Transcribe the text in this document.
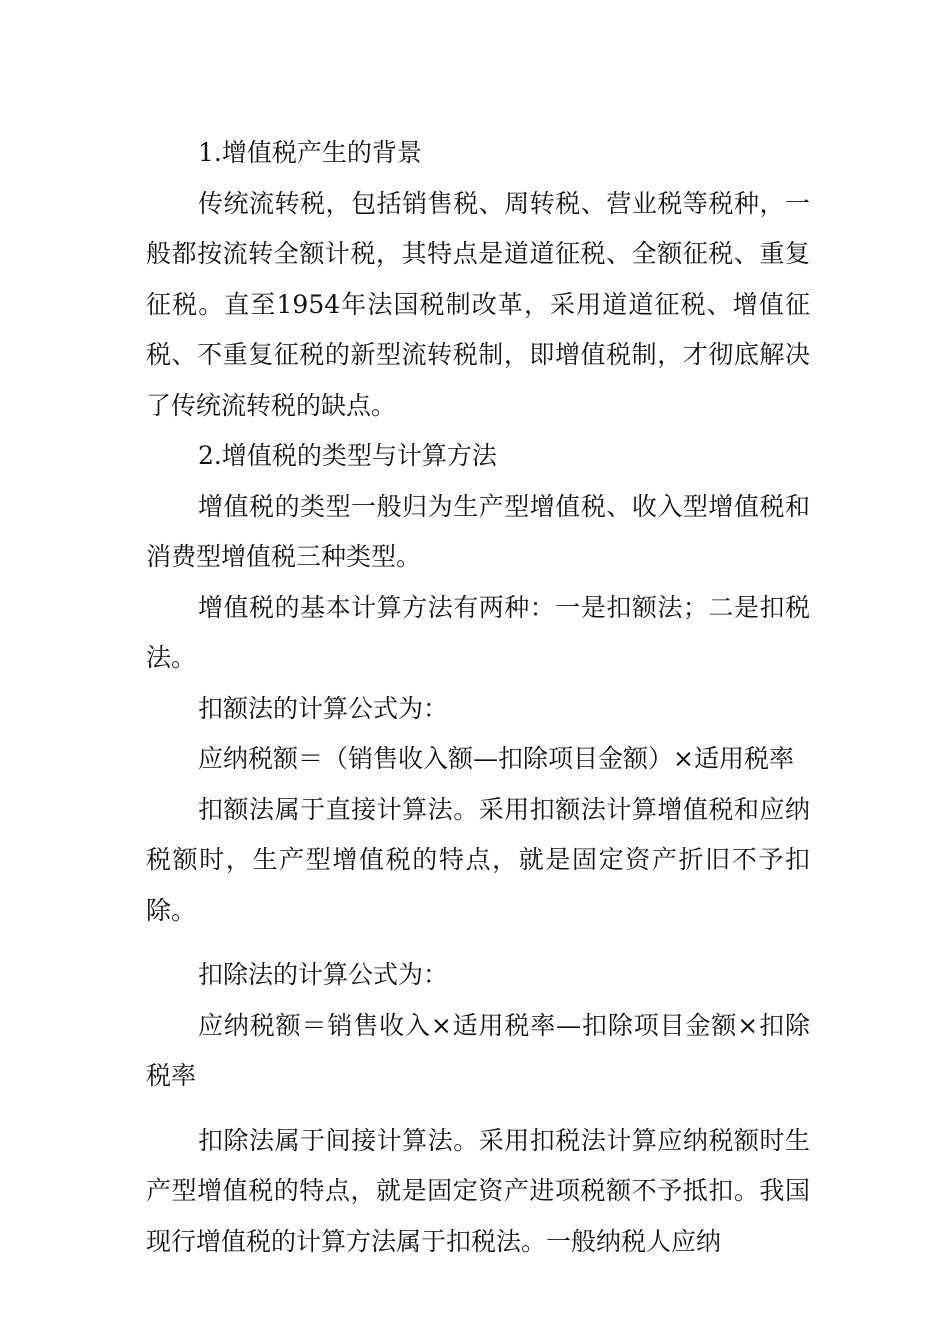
1.增值税产生的背景

传统流转税，包括销售税、周转税、营业税等税种，一般都按流转全额计税，其特点是道道征税、全额征税、重复征税。直至1954年法国税制改革，采用道道征税、增值征税、不重复征税的新型流转税制，即增值税制，才彻底解决了传统流转税的缺点。

2.增值税的类型与计算方法

增值税的类型一般归为生产型增值税、收入型增值税和消费型增值税三种类型。

增值税的基本计算方法有两种：一是扣额法；二是扣税法。

扣额法的计算公式为：

应纳税额＝（销售收入额—扣除项目金额）×适用税率

扣额法属于直接计算法。采用扣额法计算增值税和应纳税额时，生产型增值税的特点，就是固定资产折旧不予扣除。

扣除法的计算公式为：

应纳税额＝销售收入×适用税率—扣除项目金额×扣除税率

扣除法属于间接计算法。采用扣税法计算应纳税额时生产型增值税的特点，就是固定资产进项税额不予抵扣。我国现行增值税的计算方法属于扣税法。一般纳税人应纳
